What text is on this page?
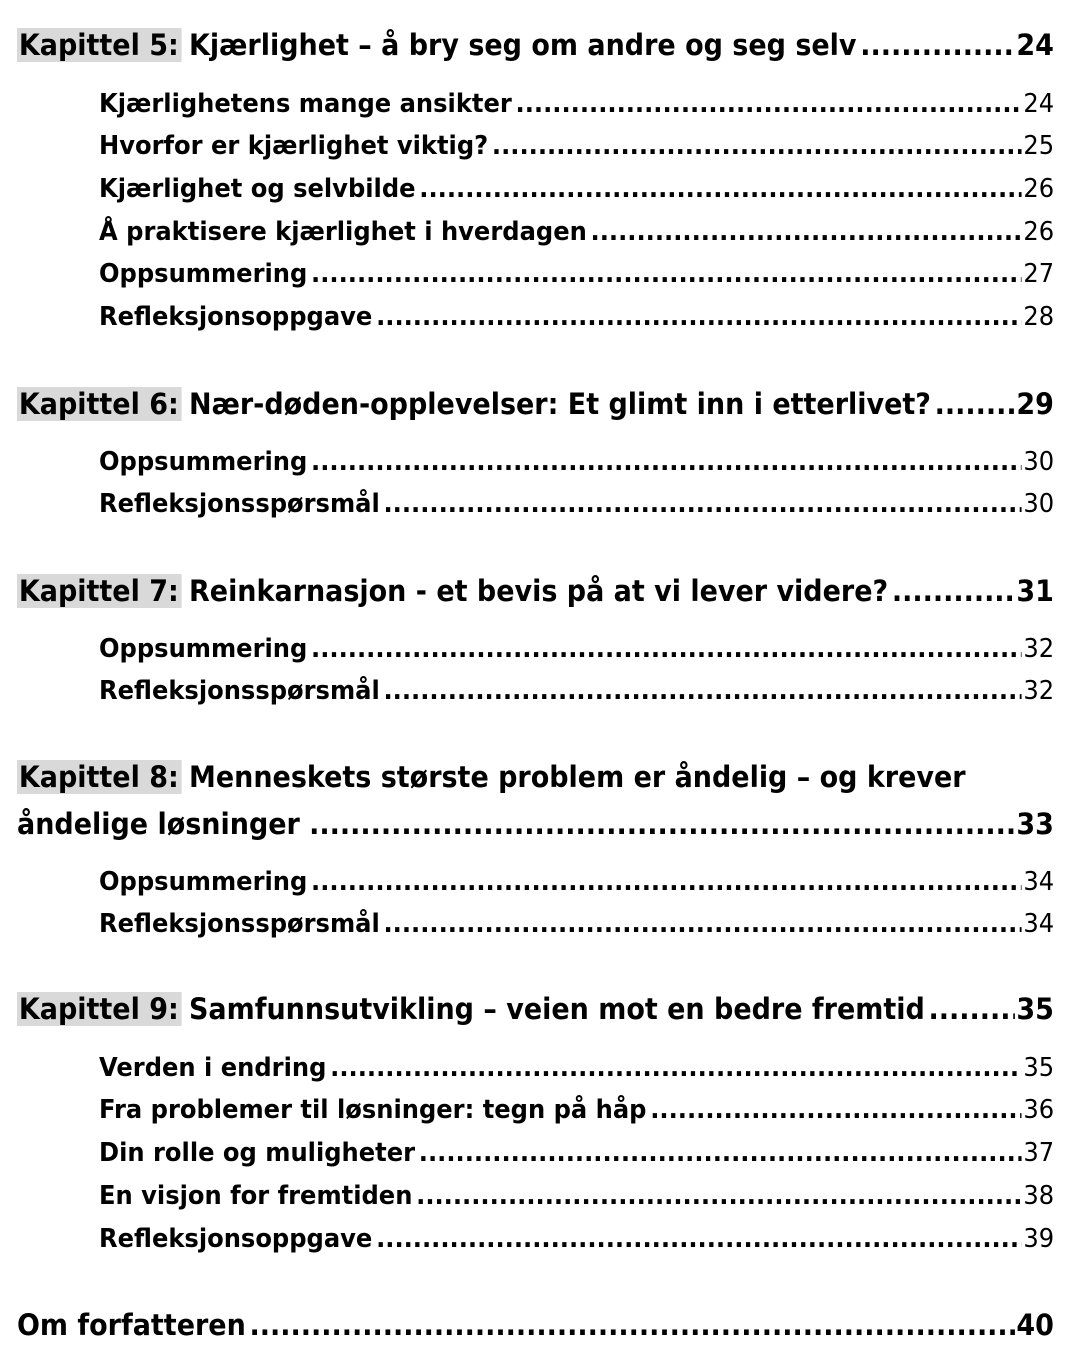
Kapittel 5: Kjærlighet – å bry seg om andre og seg selv .....	24
Kjærlighetens mange ansikter .....	24
Hvorfor er kjærlighet viktig? .....	25
Kjærlighet og selvbilde .....	26
Å praktisere kjærlighet i hverdagen .....	26
Oppsummering .....	27
Refleksjonsoppgave .....	28
Kapittel 6: Nær-døden-opplevelser: Et glimt inn i etterlivet? .....	29
Oppsummering .....	30
Refleksjonsspørsmål .....	30
Kapittel 7: Reinkarnasjon - et bevis på at vi lever videre? .....	31
Oppsummering .....	32
Refleksjonsspørsmål .....	32
Kapittel 8: Menneskets største problem er åndelig – og krever
åndelige løsninger .....	33
Oppsummering .....	34
Refleksjonsspørsmål .....	34
Kapittel 9: Samfunnsutvikling – veien mot en bedre fremtid .....	35
Verden i endring .....	35
Fra problemer til løsninger: tegn på håp .....	36
Din rolle og muligheter .....	37
En visjon for fremtiden .....	38
Refleksjonsoppgave .....	39
Om forfatteren .....	40
